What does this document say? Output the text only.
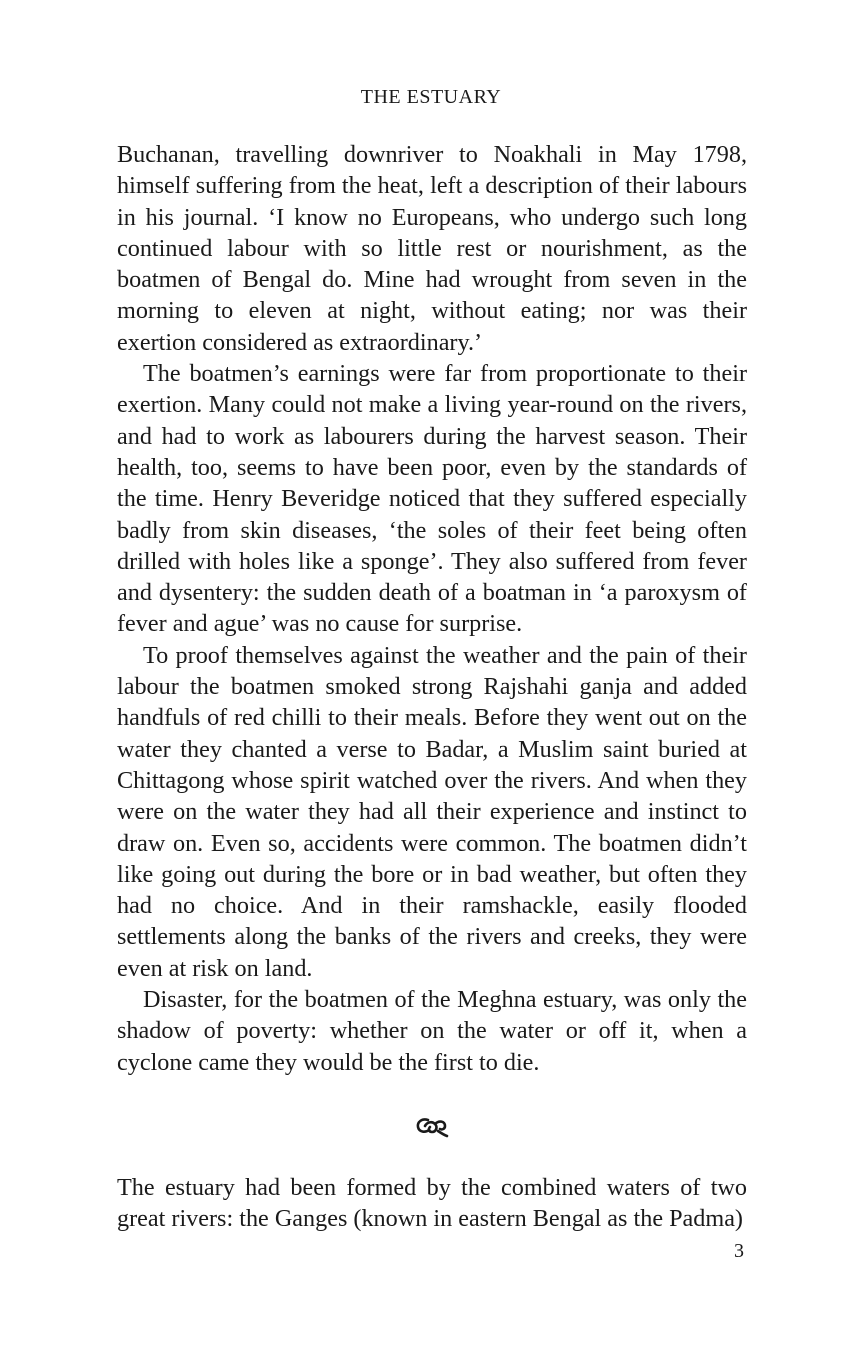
THE ESTUARY

Buchanan, travelling downriver to Noakhali in May 1798, himself suffering from the heat, left a description of their labours in his journal. ‘I know no Europeans, who undergo such long continued labour with so little rest or nourishment, as the boatmen of Bengal do. Mine had wrought from seven in the morning to eleven at night, without eating; nor was their exertion considered as extraordinary.’

The boatmen’s earnings were far from proportionate to their exertion. Many could not make a living year-round on the rivers, and had to work as labourers during the harvest season. Their health, too, seems to have been poor, even by the standards of the time. Henry Beveridge noticed that they suffered especially badly from skin diseases, ‘the soles of their feet being often drilled with holes like a sponge’. They also suffered from fever and dysentery: the sudden death of a boatman in ‘a paroxysm of fever and ague’ was no cause for surprise.

To proof themselves against the weather and the pain of their labour the boatmen smoked strong Rajshahi ganja and added handfuls of red chilli to their meals. Before they went out on the water they chanted a verse to Badar, a Muslim saint buried at Chittagong whose spirit watched over the rivers. And when they were on the water they had all their experience and instinct to draw on. Even so, accidents were common. The boatmen didn’t like going out during the bore or in bad weather, but often they had no choice. And in their ramshackle, easily flooded settlements along the banks of the rivers and creeks, they were even at risk on land.

Disaster, for the boatmen of the Meghna estuary, was only the shadow of poverty: whether on the water or off it, when a cyclone came they would be the first to die.

The estuary had been formed by the combined waters of two great rivers: the Ganges (known in eastern Bengal as the Padma)

3
